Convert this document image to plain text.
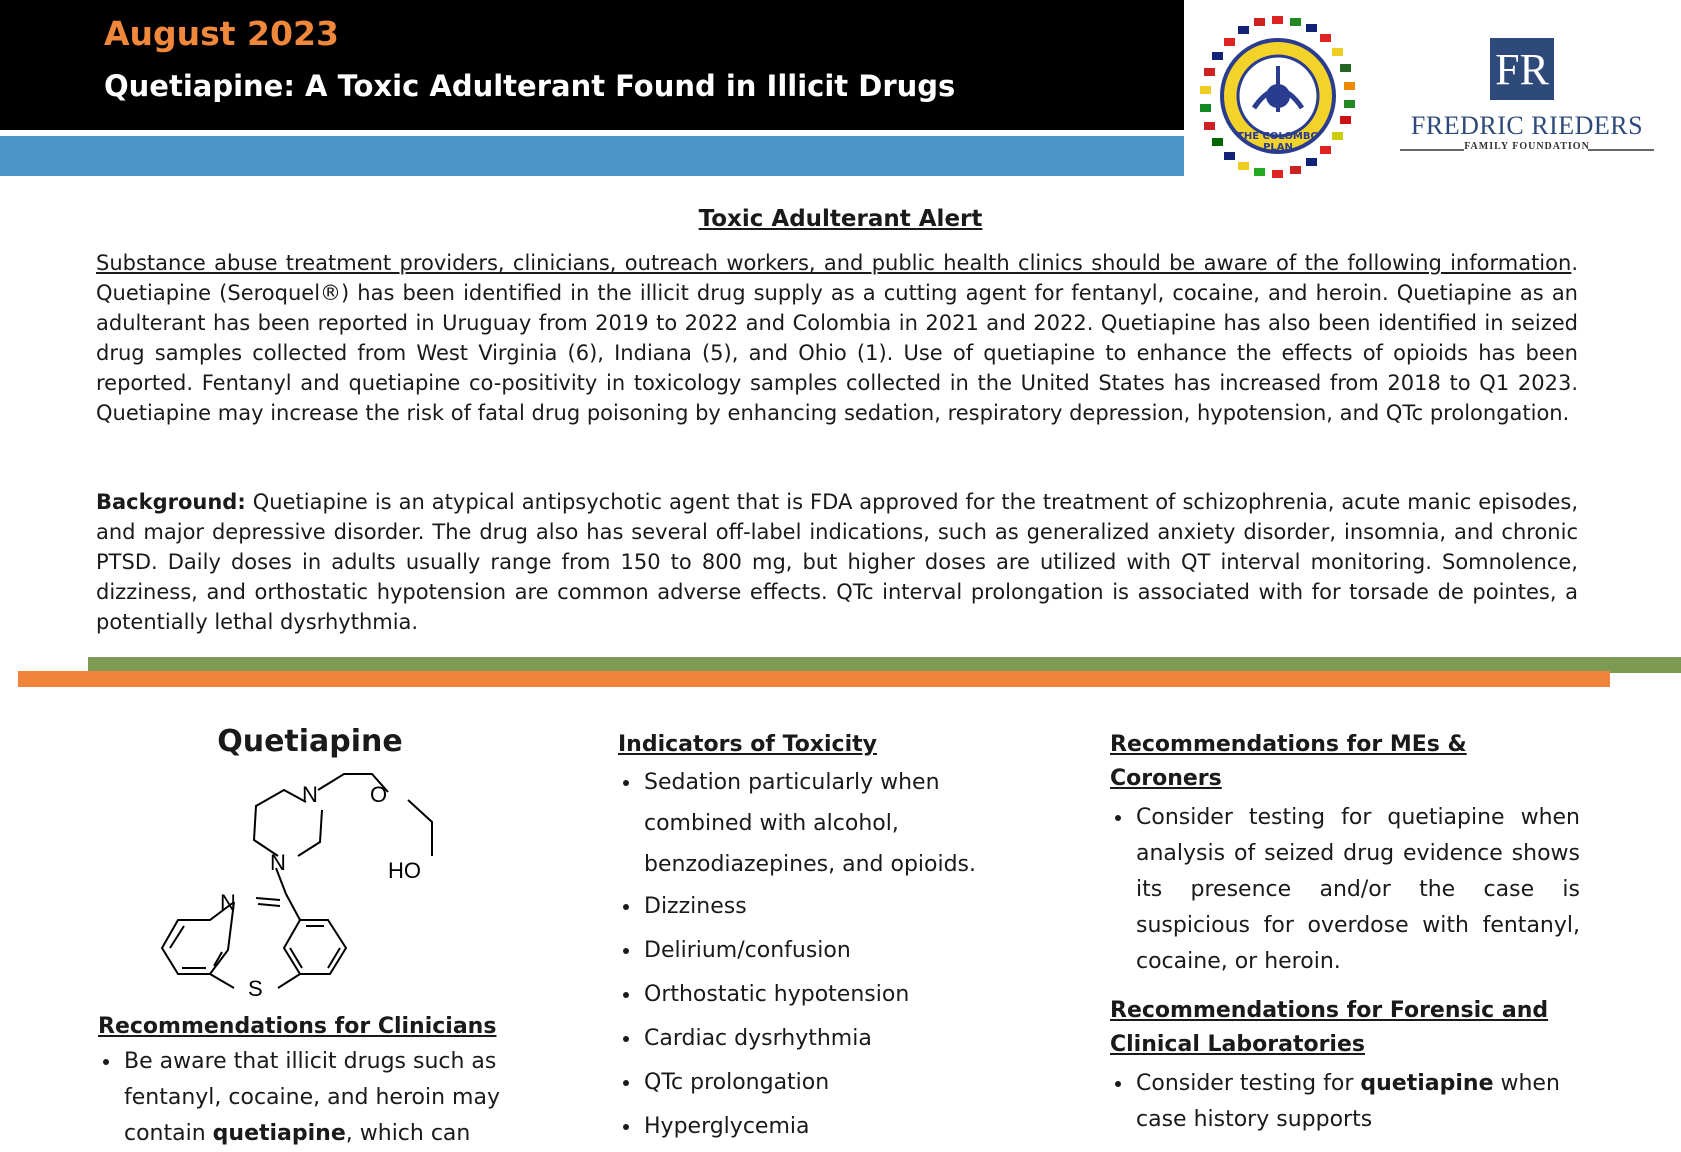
August 2023
Quetiapine: A Toxic Adulterant Found in Illicit Drugs
THE COLOMBO PLAN
FR
FREDRIC RIEDERS
FAMILY FOUNDATION
Toxic Adulterant Alert
Substance abuse treatment providers, clinicians, outreach workers, and public health clinics should be aware of the following information. Quetiapine (Seroquel®) has been identified in the illicit drug supply as a cutting agent for fentanyl, cocaine, and heroin. Quetiapine as an adulterant has been reported in Uruguay from 2019 to 2022 and Colombia in 2021 and 2022. Quetiapine has also been identified in seized drug samples collected from West Virginia (6), Indiana (5), and Ohio (1). Use of quetiapine to enhance the effects of opioids has been reported. Fentanyl and quetiapine co-positivity in toxicology samples collected in the United States has increased from 2018 to Q1 2023. Quetiapine may increase the risk of fatal drug poisoning by enhancing sedation, respiratory depression, hypotension, and QTc prolongation.
Background: Quetiapine is an atypical antipsychotic agent that is FDA approved for the treatment of schizophrenia, acute manic episodes, and major depressive disorder. The drug also has several off-label indications, such as generalized anxiety disorder, insomnia, and chronic PTSD. Daily doses in adults usually range from 150 to 800 mg, but higher doses are utilized with QT interval monitoring. Somnolence, dizziness, and orthostatic hypotension are common adverse effects. QTc interval prolongation is associated with for torsade de pointes, a potentially lethal dysrhythmia.
Quetiapine
N
N
N
O
HO
S
Recommendations for Clinicians
• Be aware that illicit drugs such as fentanyl, cocaine, and heroin may contain quetiapine, which can
Indicators of Toxicity
• Sedation particularly when combined with alcohol, benzodiazepines, and opioids.
• Dizziness
• Delirium/confusion
• Orthostatic hypotension
• Cardiac dysrhythmia
• QTc prolongation
• Hyperglycemia
Recommendations for MEs & Coroners
• Consider testing for quetiapine when analysis of seized drug evidence shows its presence and/or the case is suspicious for overdose with fentanyl, cocaine, or heroin.
Recommendations for Forensic and Clinical Laboratories
• Consider testing for quetiapine when case history supports
